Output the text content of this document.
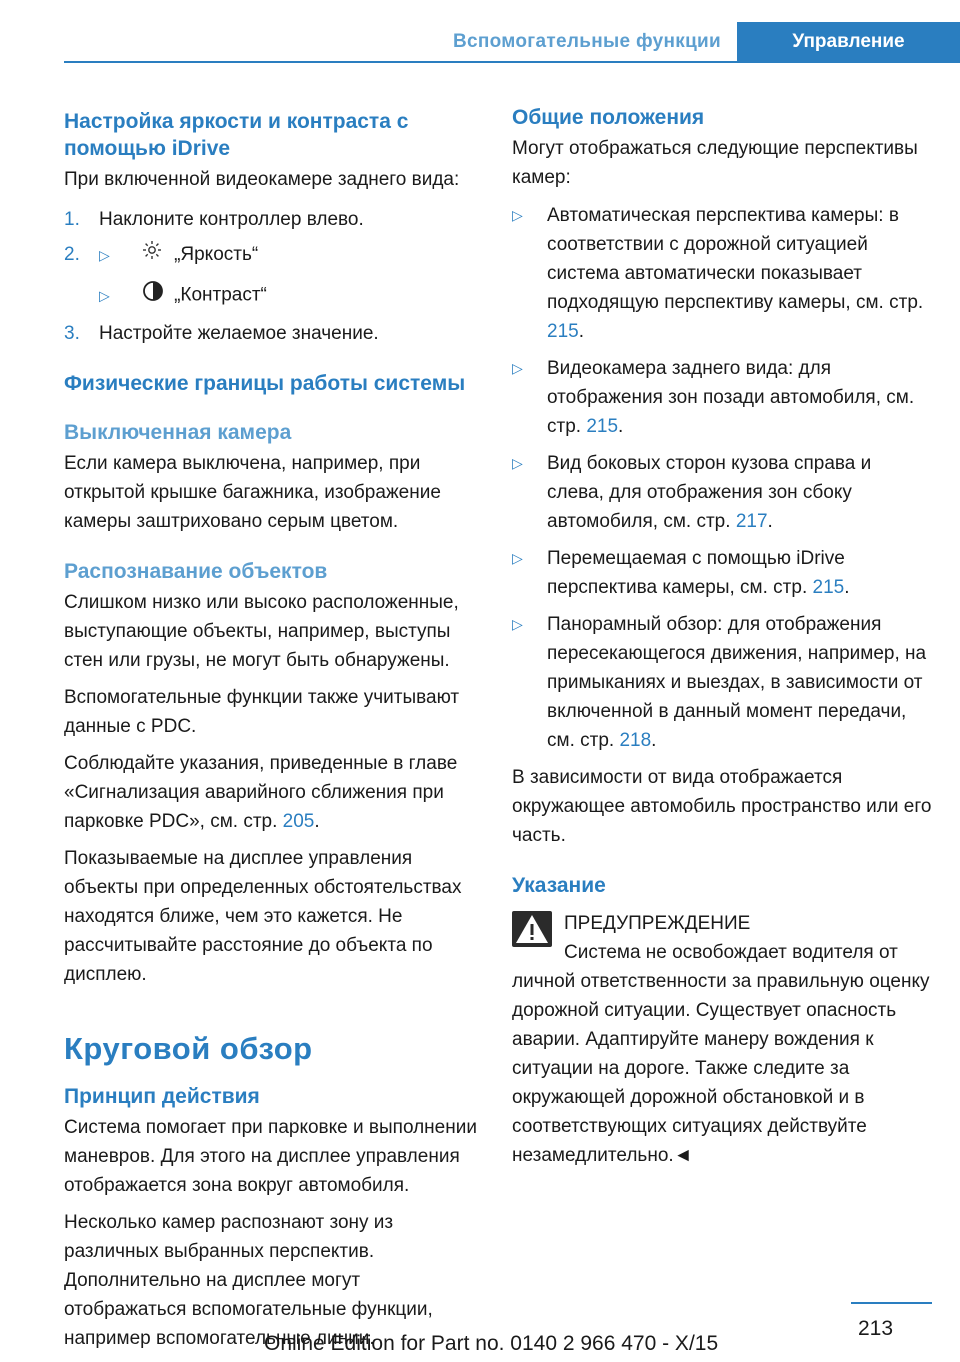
Вспомогательные функции	Управление
Настройка яркости и контраста с помощью iDrive

При включенной видеокамере заднего вида:

1. Наклоните контроллер влево.
2. ▷	„Яркость“
▷	„Контраст“
3. Настройте желаемое значение.
Физические границы работы системы
Выключенная камера

Если камера выключена, например, при открытой крышке багажника, изображение камеры заштриховано серым цветом.

Распознавание объектов

Слишком низко или высоко расположенные, выступающие объекты, например, выступы стен или грузы, не могут быть обнаружены.

Вспомогательные функции также учитывают данные с PDC.

Соблюдайте указания, приведенные в главе «Сигнализация аварийного сближения при парковке PDC», см. стр. 205.

Показываемые на дисплее управления объекты при определенных обстоятельствах находятся ближе, чем это кажется. Не рассчитывайте расстояние до объекта по дисплею.

Круговой обзор
Принцип действия

Система помогает при парковке и выполнении маневров. Для этого на дисплее управления отображается зона вокруг автомобиля.

Несколько камер распознают зону из различных выбранных перспектив. Дополнительно на дисплее могут отображаться вспомогательные функции, например вспомогательные линии.

Общие положения

Могут отображаться следующие перспективы камер:

▷ Автоматическая перспектива камеры: в соответствии с дорожной ситуацией система автоматически показывает подходящую перспективу камеры, см. стр. 215.
▷ Видеокамера заднего вида: для отображения зон позади автомобиля, см. стр. 215.
▷ Вид боковых сторон кузова справа и слева, для отображения зон сбоку автомобиля, см. стр. 217.
▷ Перемещаемая с помощью iDrive перспектива камеры, см. стр. 215.
▷ Панорамный обзор: для отображения пересекающегося движения, например, на примыканиях и выездах, в зависимости от включенной в данный момент передачи, см. стр. 218.

В зависимости от вида отображается окружающее автомобиль пространство или его часть.

Указание

ПРЕДУПРЕЖДЕНИЕ

Система не освобождает водителя от личной ответственности за правильную оценку дорожной ситуации. Существует опасность аварии. Адаптируйте манеру вождения к ситуации на дороге. Также следите за окружающей дорожной обстановкой и в соответствующих ситуациях действуйте незамедлительно.◄

213
Online Edition for Part no. 0140 2 966 470 - X/15
